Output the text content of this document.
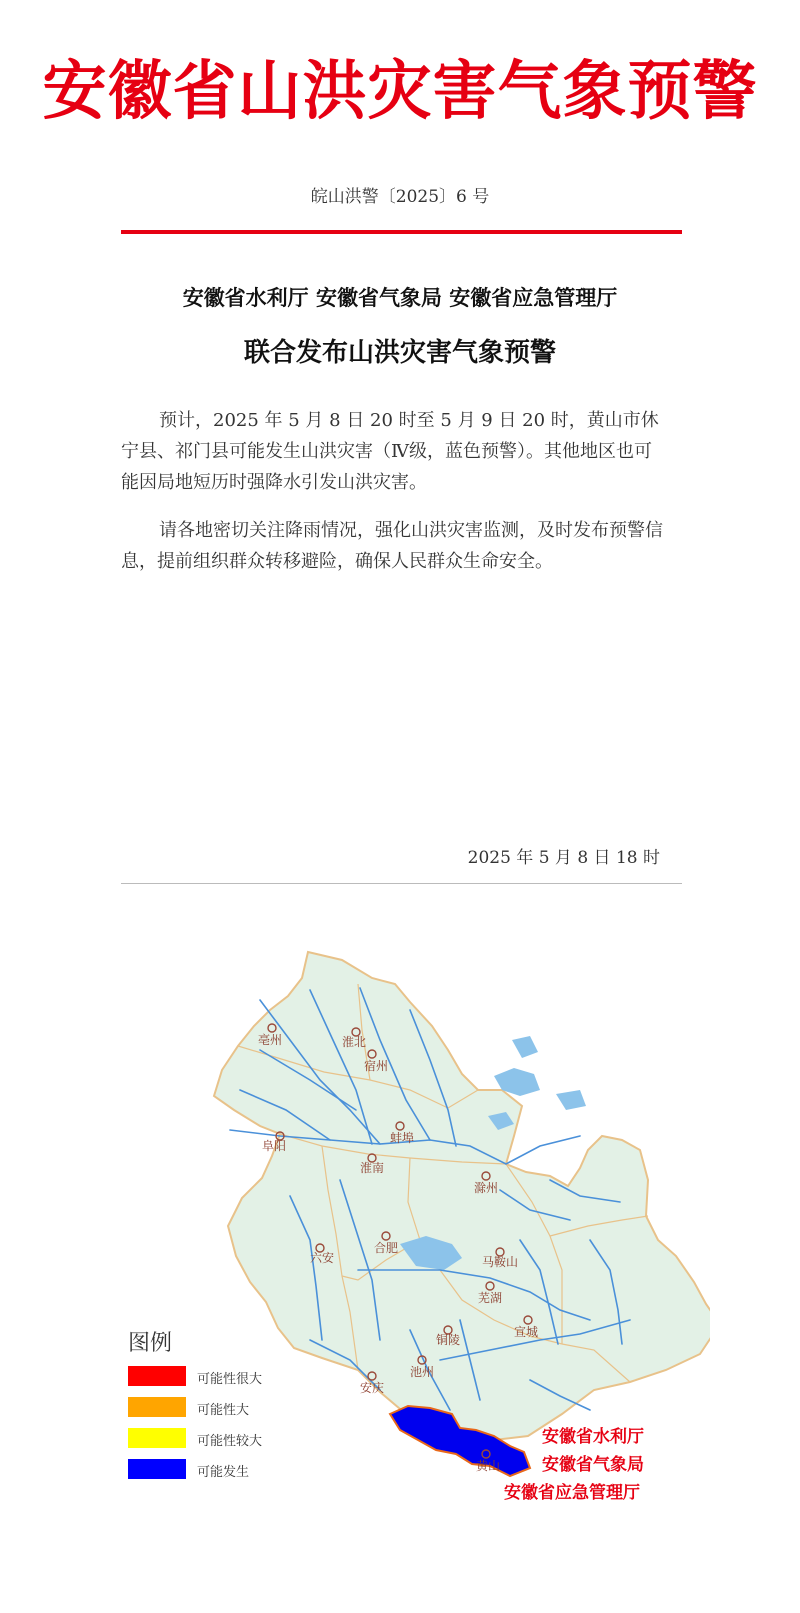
安徽省山洪灾害气象预警
皖山洪警〔2025〕6 号
安徽省水利厅 安徽省气象局 安徽省应急管理厅
联合发布山洪灾害气象预警

预计，2025 年 5 月 8 日 20 时至 5 月 9 日 20 时，黄山市休宁县、祁门县可能发生山洪灾害（Ⅳ级，蓝色预警）。其他地区也可能因局地短历时强降水引发山洪灾害。

请各地密切关注降雨情况，强化山洪灾害监测，及时发布预警信息，提前组织群众转移避险，确保人民群众生命安全。

2025 年 5 月 8 日 18 时
亳州	淮北
宿州
阜阳
蚌埠
淮南
滁州
六安
合肥
马鞍山
芜湖
铜陵
宣城
池州
安庆
黄山
图例
可能性很大
可能性大
可能性较大
可能发生
安徽省水利厅
安徽省气象局
安徽省应急管理厅
